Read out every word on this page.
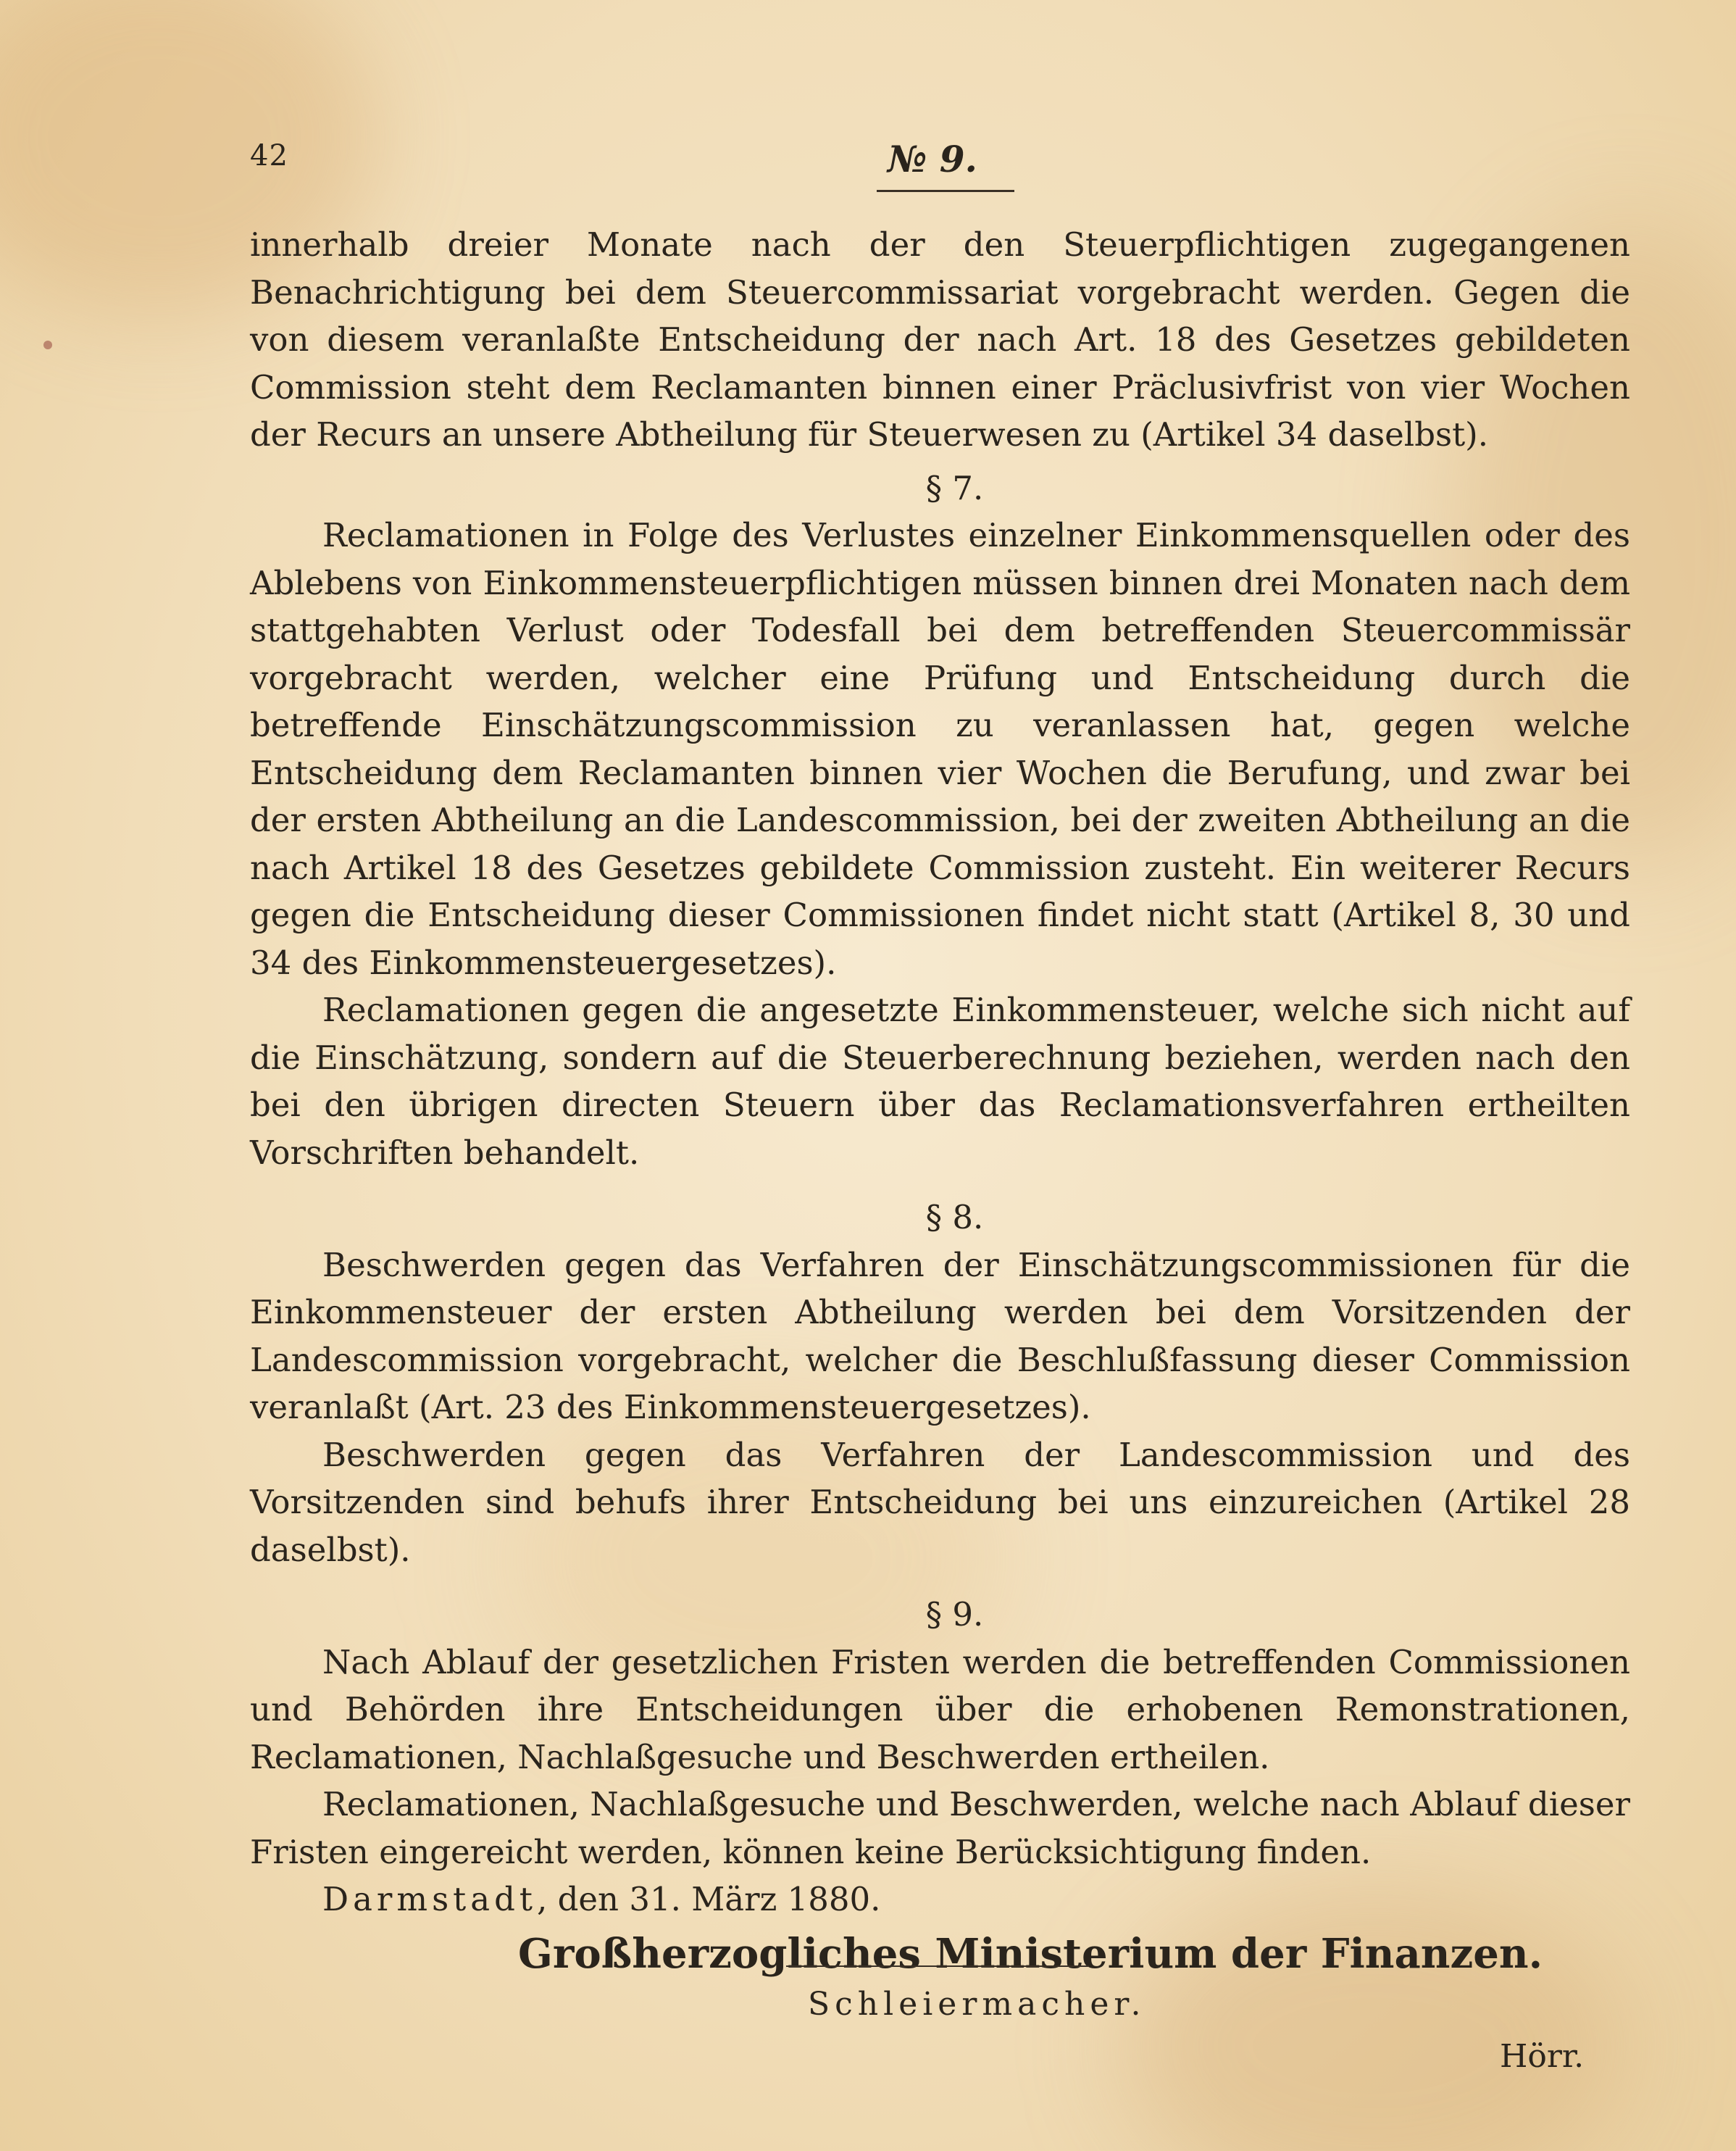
42	№ 9.

innerhalb dreier Monate nach der den Steuerpflichtigen zugegangenen Benachrichtigung bei dem Steuercommissariat vorgebracht werden. Gegen die von diesem veranlaßte Entscheidung der nach Art. 18 des Gesetzes gebildeten Commission steht dem Reclamanten binnen einer Präclusivfrist von vier Wochen der Recurs an unsere Abtheilung für Steuerwesen zu (Artikel 34 daselbst).

§ 7.

Reclamationen in Folge des Verlustes einzelner Einkommensquellen oder des Ablebens von Einkommensteuerpflichtigen müssen binnen drei Monaten nach dem stattgehabten Verlust oder Todesfall bei dem betreffenden Steuercommissär vorgebracht werden, welcher eine Prüfung und Entscheidung durch die betreffende Einschätzungscommission zu veranlassen hat, gegen welche Entscheidung dem Reclamanten binnen vier Wochen die Berufung, und zwar bei der ersten Abtheilung an die Landescommission, bei der zweiten Abtheilung an die nach Artikel 18 des Gesetzes gebildete Commission zusteht. Ein weiterer Recurs gegen die Entscheidung dieser Commissionen findet nicht statt (Artikel 8, 30 und 34 des Einkommensteuergesetzes).

Reclamationen gegen die angesetzte Einkommensteuer, welche sich nicht auf die Einschätzung, sondern auf die Steuerberechnung beziehen, werden nach den bei den übrigen directen Steuern über das Reclamationsverfahren ertheilten Vorschriften behandelt.

§ 8.

Beschwerden gegen das Verfahren der Einschätzungscommissionen für die Einkommensteuer der ersten Abtheilung werden bei dem Vorsitzenden der Landescommission vorgebracht, welcher die Beschlußfassung dieser Commission veranlaßt (Art. 23 des Einkommensteuergesetzes).

Beschwerden gegen das Verfahren der Landescommission und des Vorsitzenden sind behufs ihrer Entscheidung bei uns einzureichen (Artikel 28 daselbst).

§ 9.

Nach Ablauf der gesetzlichen Fristen werden die betreffenden Commissionen und Behörden ihre Entscheidungen über die erhobenen Remonstrationen, Reclamationen, Nachlaßgesuche und Beschwerden ertheilen.

Reclamationen, Nachlaßgesuche und Beschwerden, welche nach Ablauf dieser Fristen eingereicht werden, können keine Berücksichtigung finden.

Darmstadt, den 31. März 1880.
Großherzogliches Ministerium der Finanzen.
Schleiermacher.
Hörr.
